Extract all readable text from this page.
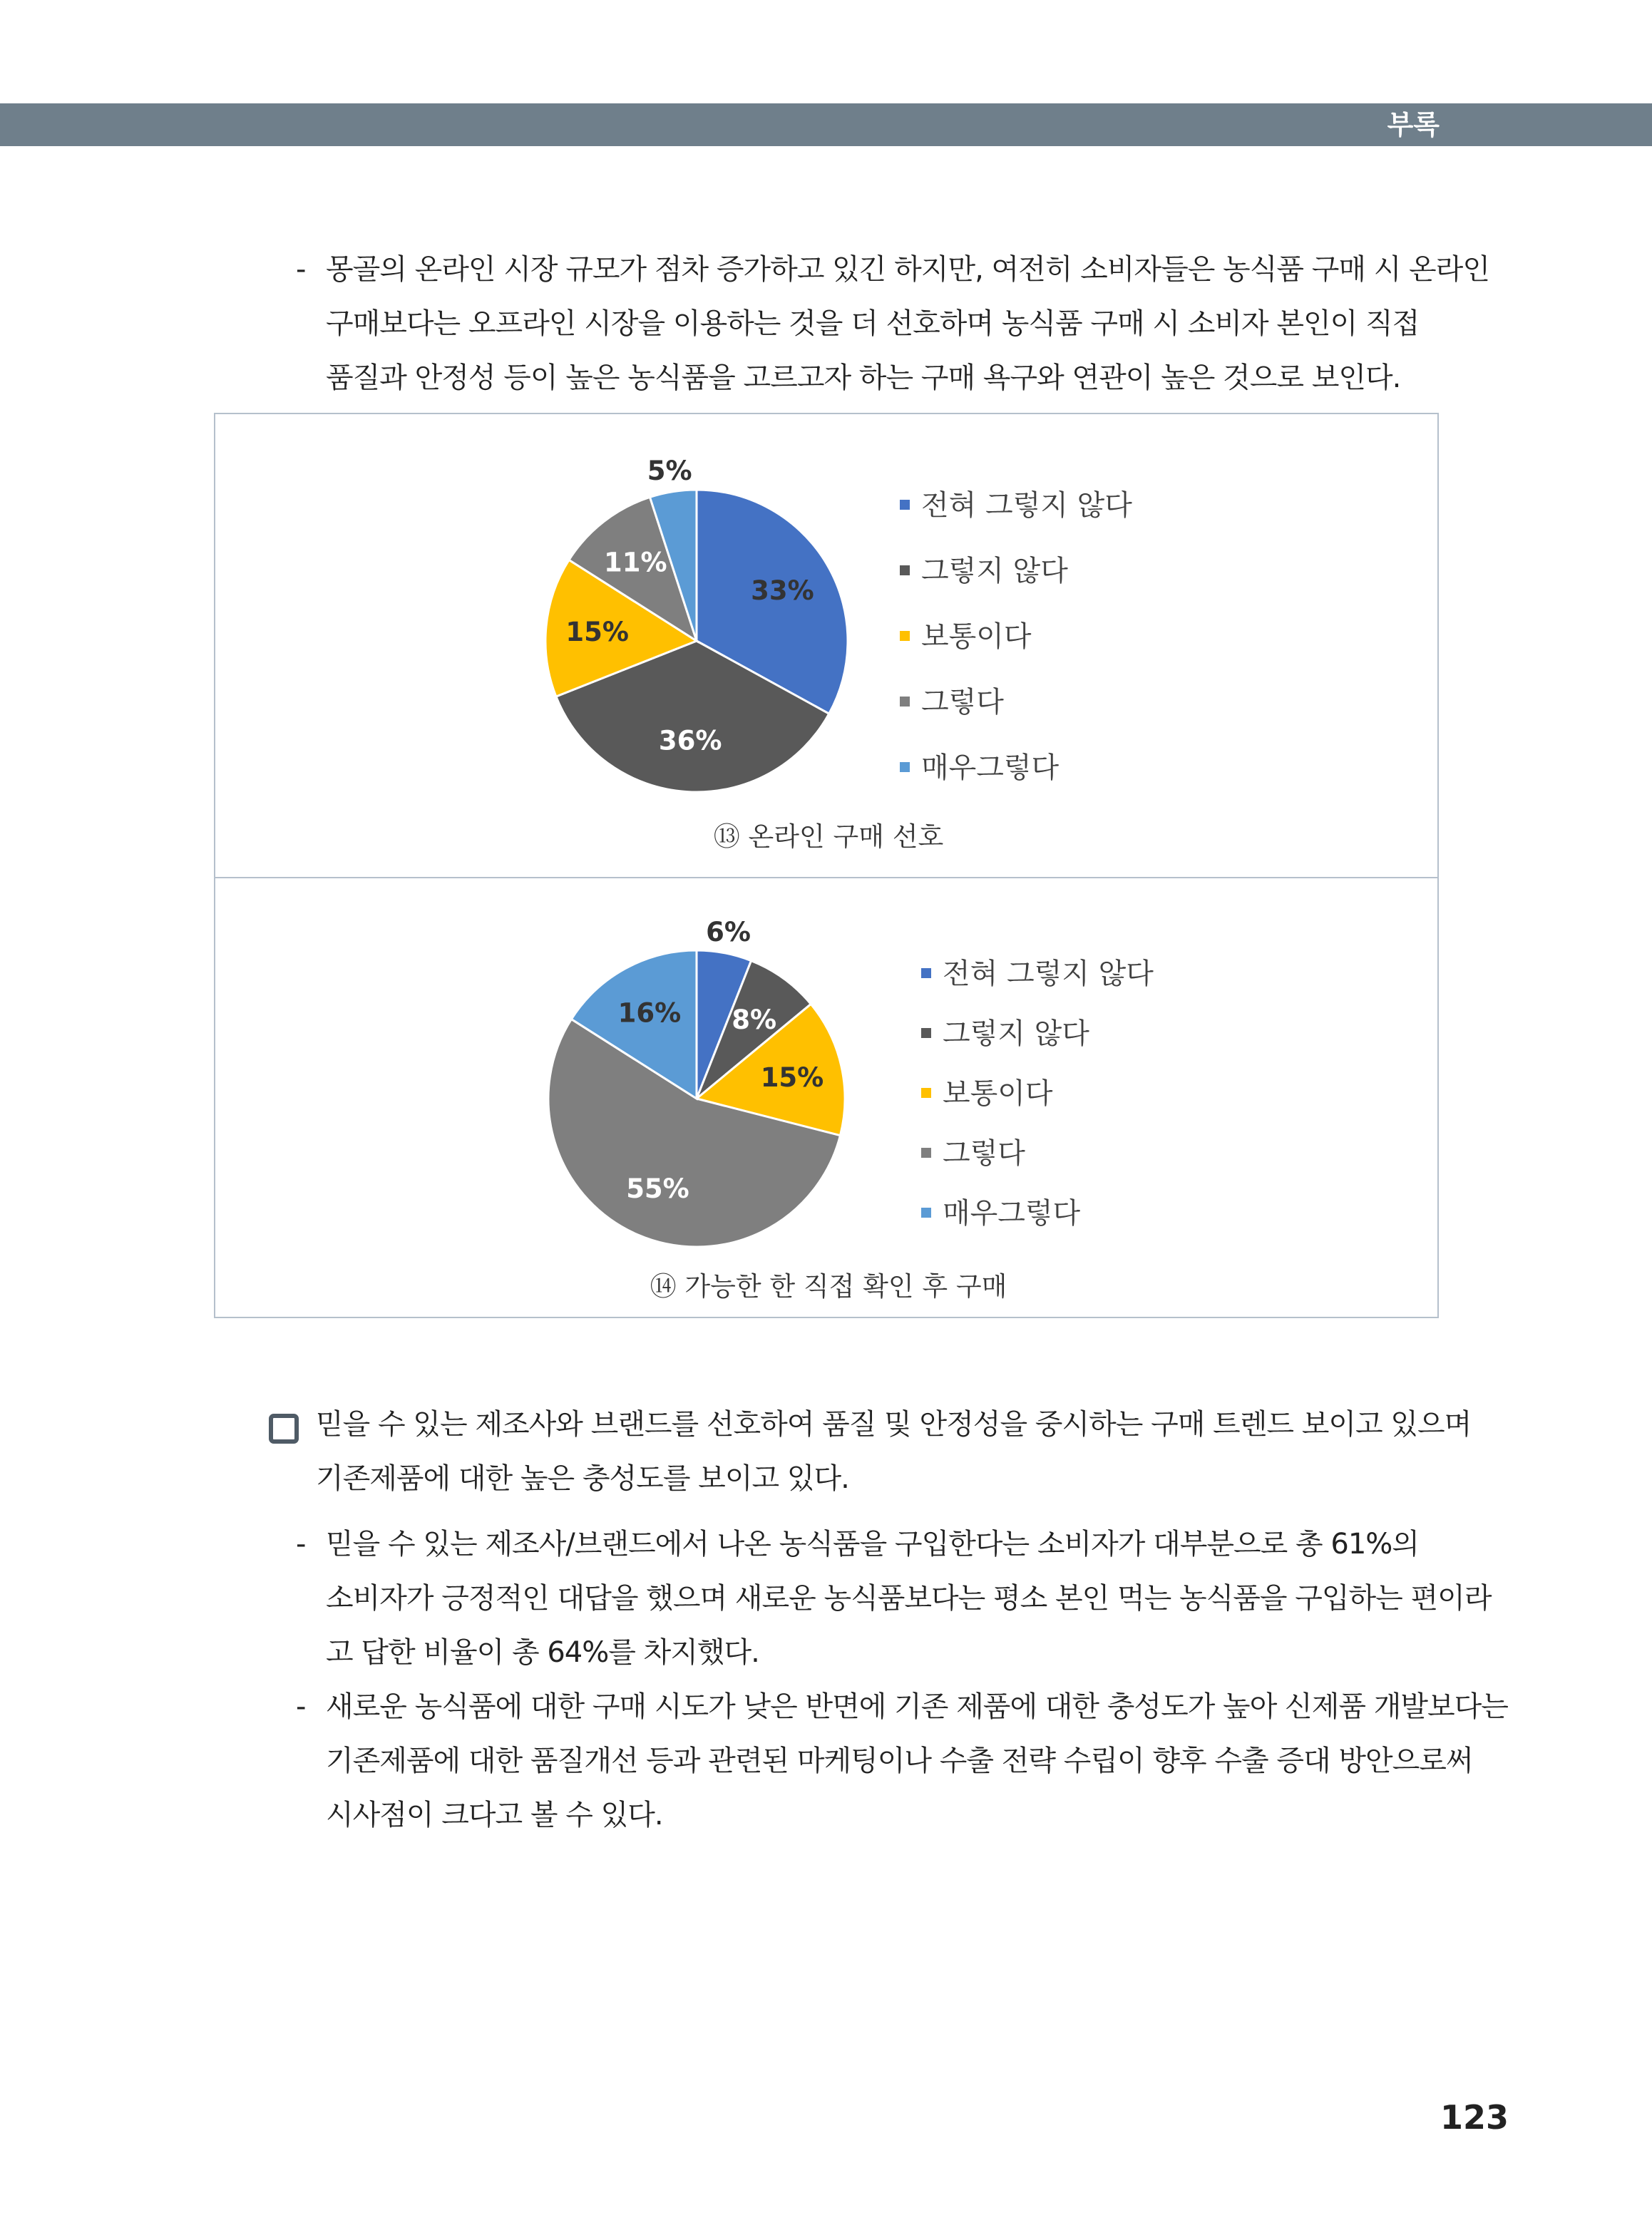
부록
- 몽골의 온라인 시장 규모가 점차 증가하고 있긴 하지만, 여전히 소비자들은 농식품 구매 시 온라인
구매보다는 오프라인 시장을 이용하는 것을 더 선호하며 농식품 구매 시 소비자 본인이 직접
품질과 안정성 등이 높은 농식품을 고르고자 하는 구매 욕구와 연관이 높은 것으로 보인다.
33%
36%
15%
11%
5%
전혀 그렇지 않다
그렇지 않다
보통이다
그렇다
매우그렇다
⑬ 온라인 구매 선호
6%
8%
15%
55%
16%
전혀 그렇지 않다
그렇지 않다
보통이다
그렇다
매우그렇다
⑭ 가능한 한 직접 확인 후 구매
믿을 수 있는 제조사와 브랜드를 선호하여 품질 및 안정성을 중시하는 구매 트렌드 보이고 있으며
기존제품에 대한 높은 충성도를 보이고 있다.
- 믿을 수 있는 제조사/브랜드에서 나온 농식품을 구입한다는 소비자가 대부분으로 총 61%의
소비자가 긍정적인 대답을 했으며 새로운 농식품보다는 평소 본인 먹는 농식품을 구입하는 편이라
고 답한 비율이 총 64%를 차지했다.
- 새로운 농식품에 대한 구매 시도가 낮은 반면에 기존 제품에 대한 충성도가 높아 신제품 개발보다는
기존제품에 대한 품질개선 등과 관련된 마케팅이나 수출 전략 수립이 향후 수출 증대 방안으로써
시사점이 크다고 볼 수 있다.
123
